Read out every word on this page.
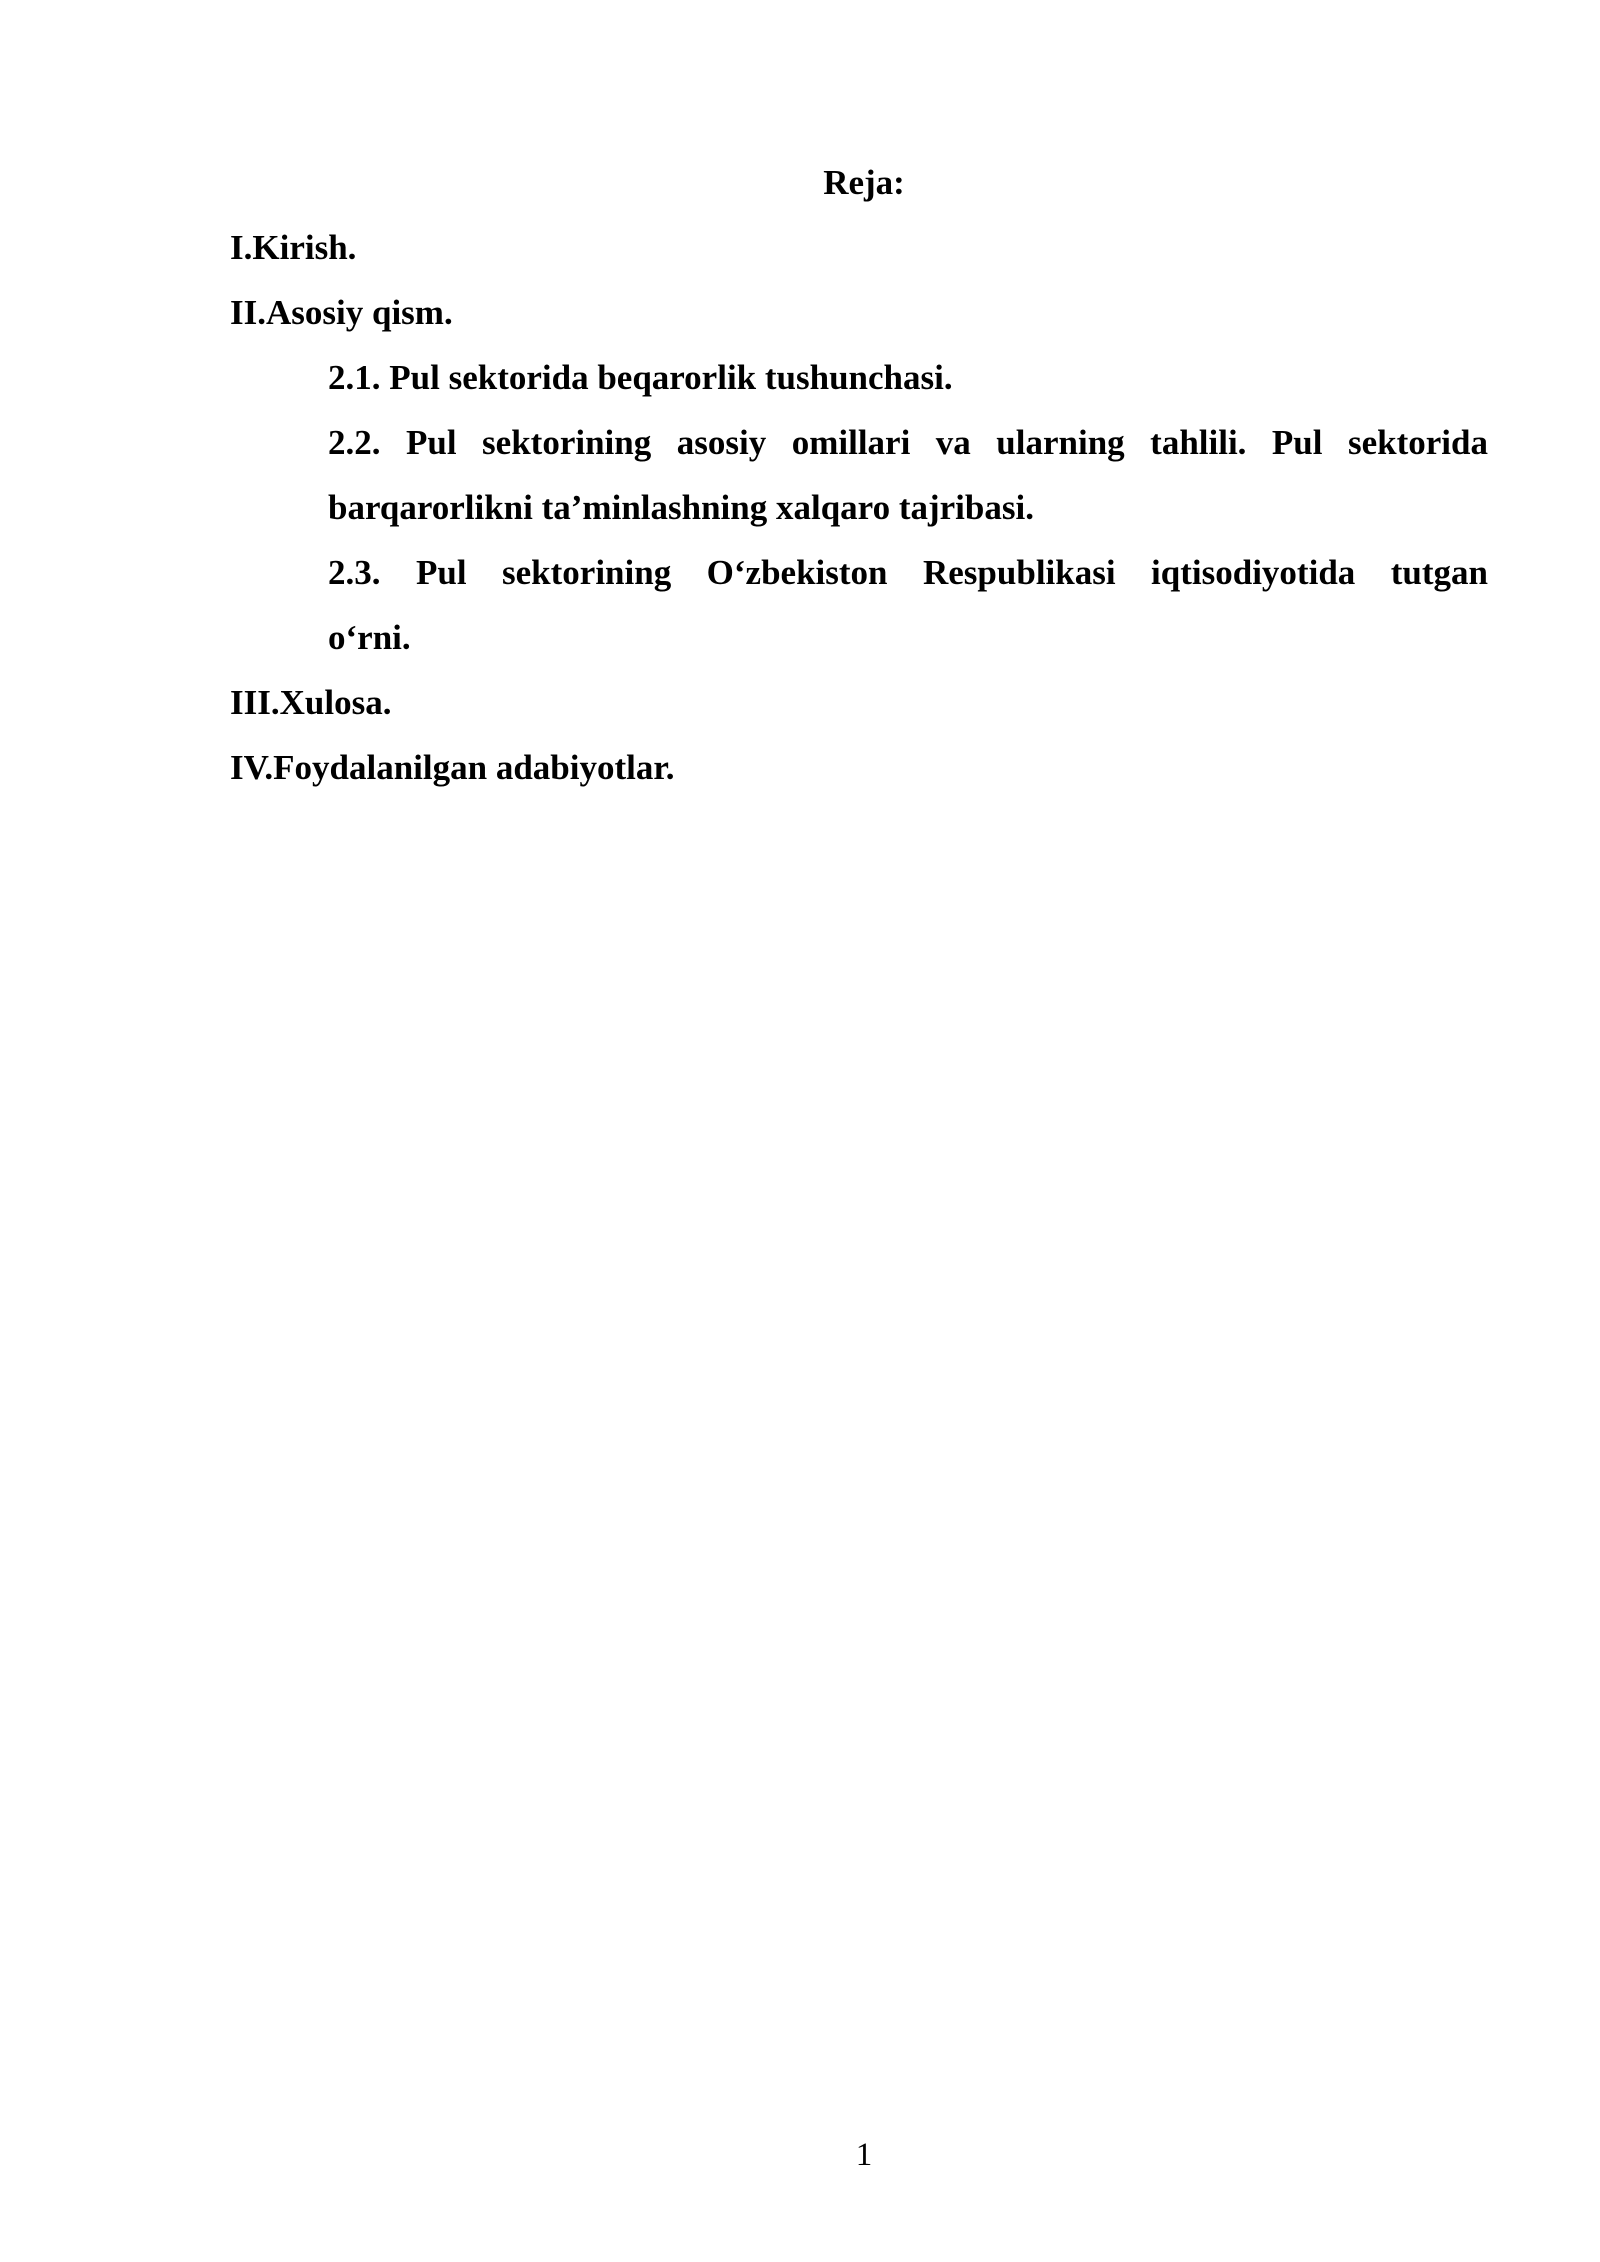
Reja:
I.Kirish.
II.Asosiy qism.
2.1. Pul sektorida beqarorlik tushunchasi.
2.2. Pul sektorining asosiy omillari va ularning tahlili. Pul sektorida
barqarorlikni ta’minlashning xalqaro tajribasi.
2.3. Pul sektorining O‘zbekiston Respublikasi iqtisodiyotida tutgan
o‘rni.
III.Xulosa.
IV.Foydalanilgan adabiyotlar.
1
